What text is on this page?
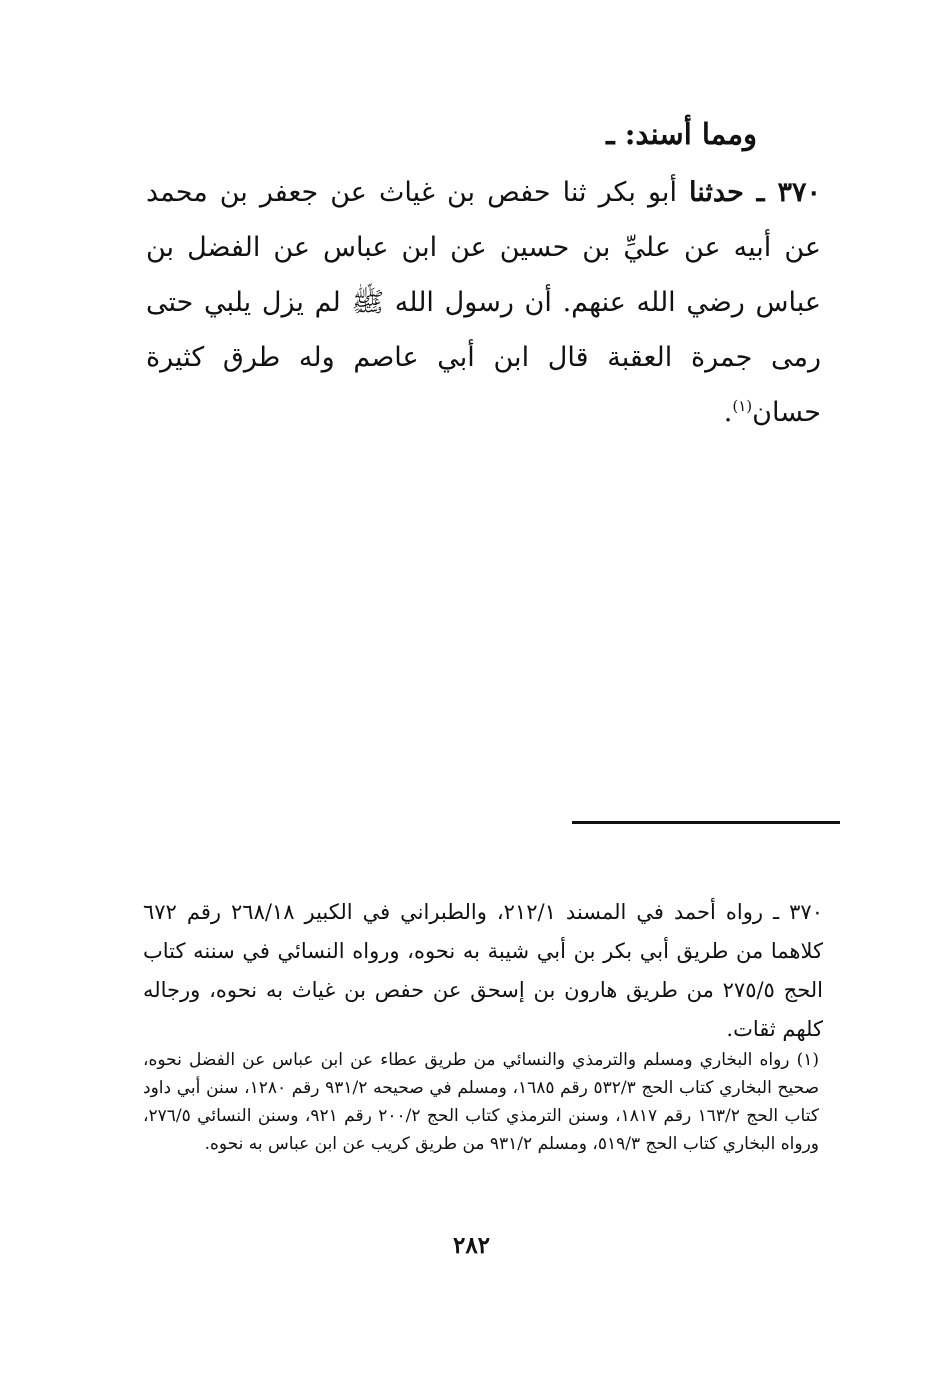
ومما أسند: ـ
٣٧٠ ـ حدثنا أبو بكر ثنا حفص بن غياث عن جعفر بن محمد عن أبيه عن عليِّ بن حسين عن ابن عباس عن الفضل بن عباس رضي الله عنهم. أن رسول الله ﷺ لم يزل يلبي حتى رمى جمرة العقبة قال ابن أبي عاصم وله طرق كثيرة حسان$^{(١)}$.
٣٧٠ ـ رواه أحمد في المسند ٢١٢/١، والطبراني في الكبير ٢٦٨/١٨ رقم ٦٧٢ كلاهما من طريق أبي بكر بن أبي شيبة به نحوه، ورواه النسائي في سننه كتاب الحج ٢٧٥/٥ من طريق هارون بن إسحق عن حفص بن غياث به نحوه، ورجاله كلهم ثقات.
(١) رواه البخاري ومسلم والترمذي والنسائي من طريق عطاء عن ابن عباس عن الفضل نحوه، صحيح البخاري كتاب الحج ٥٣٢/٣ رقم ١٦٨٥، ومسلم في صحيحه ٩٣١/٢ رقم ١٢٨٠، سنن أبي داود كتاب الحج ١٦٣/٢ رقم ١٨١٧، وسنن الترمذي كتاب الحج ٢٠٠/٢ رقم ٩٢١، وسنن النسائي ٢٧٦/٥، ورواه البخاري كتاب الحج ٥١٩/٣، ومسلم ٩٣١/٢ من طريق كريب عن ابن عباس به نحوه.
٢٨٢
